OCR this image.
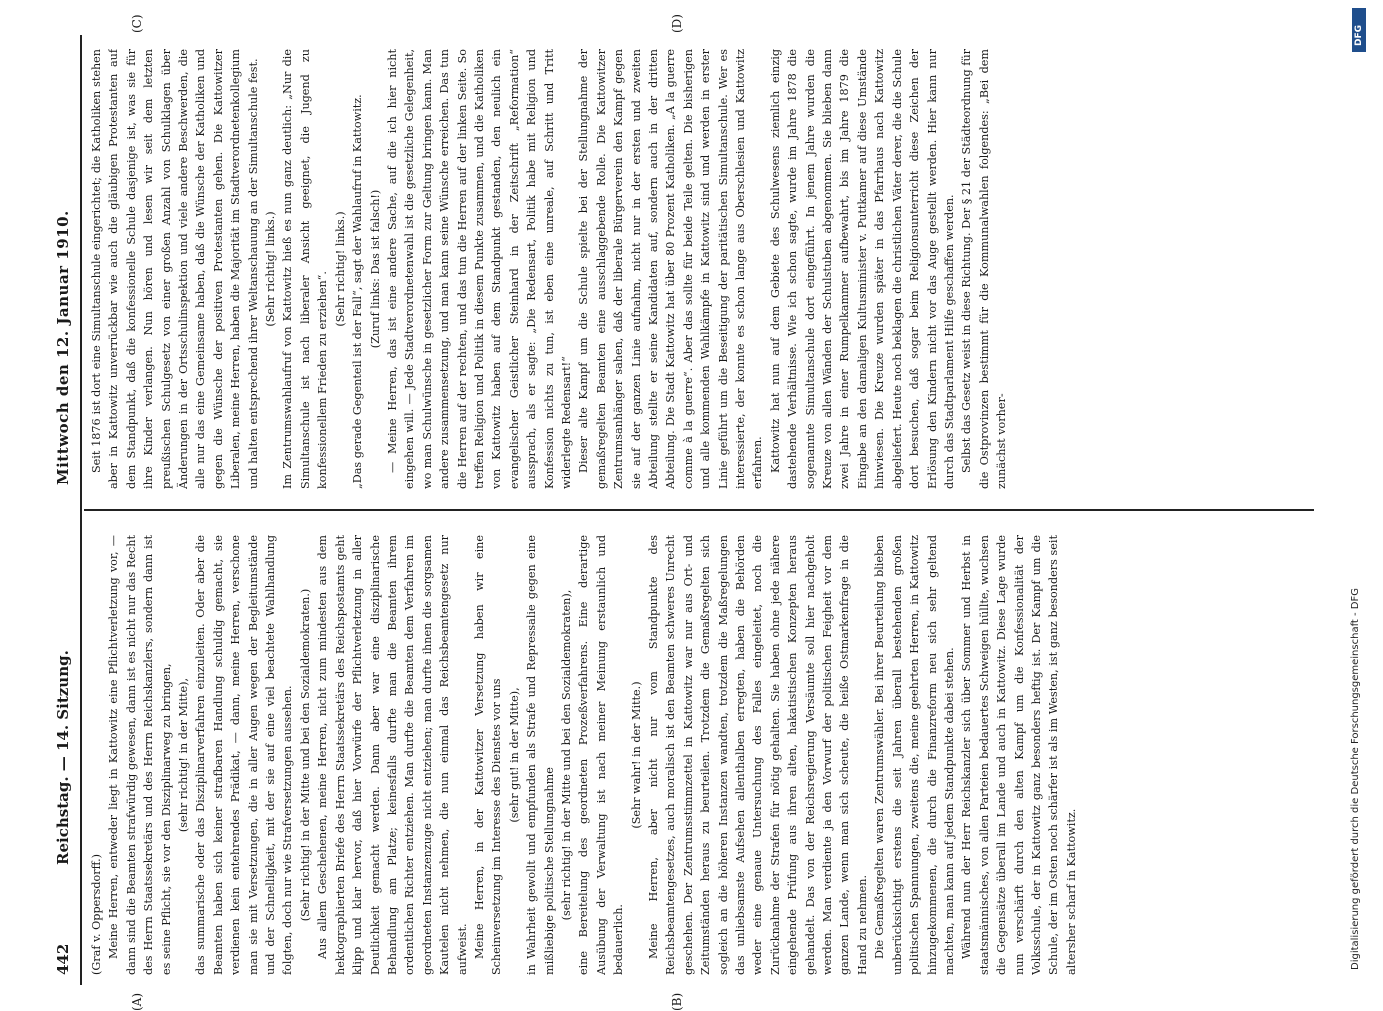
442
Reichstag. — 14. Sitzung.
Mittwoch den 12. Januar 1910.
(A)	(B)
(C)	(D)

(Graf v. Oppersdorff.) Meine Herren, entweder liegt in Kattowitz eine Pflichtverletzung vor, — dann sind die Beamten strafwürdig gewesen, dann ist es nicht nur das Recht des Herrn Staatssekretärs und des Herrn Reichskanzlers, sondern dann ist es seine Pflicht, sie vor den Disziplinarweg zu bringen, (sehr richtig! in der Mitte), das summarische oder das Disziplinarverfahren einzuleiten. Oder aber die Beamten haben sich keiner strafbaren Handlung schuldig gemacht, sie verdienen kein entehrendes Prädikat, — dann, meine Herren, verschone man sie mit Versetzungen, die in aller Augen wegen der Begleitumstände und der Schnelligkeit, mit der sie auf eine viel beachtete Wahlhandlung folgten, doch nur wie Strafversetzungen aussehen. (Sehr richtig! in der Mitte und bei den Sozialdemokraten.) Aus allem Geschehenen, meine Herren, nicht zum mindesten aus dem hektographierten Briefe des Herrn Staatssekretärs des Reichspostamts geht klipp und klar hervor, daß hier Vorwürfe der Pflichtverletzung in aller Deutlichkeit gemacht werden. Dann aber war eine disziplinarische Behandlung am Platze; keinesfalls durfte man die Beamten ihrem ordentlichen Richter entziehen. Man durfte die Beamten dem Verfahren im geordneten Instanzenzuge nicht entziehen; man durfte ihnen die sorgsamen Kautelen nicht nehmen, die nun einmal das Reichsbeamtengesetz nur aufweist. Meine Herren, in der Kattowitzer Versetzung haben wir eine Scheinversetzung im Interesse des Dienstes vor uns (sehr gut! in der Mitte), in Wahrheit gewollt und empfunden als Strafe und Repressalie gegen eine mißliebige politische Stellungnahme (sehr richtig! in der Mitte und bei den Sozialdemokraten), eine Bereitelung des geordneten Prozeßverfahrens. Eine derartige Ausübung der Verwaltung ist nach meiner Meinung erstaunlich und bedauerlich.

(Sehr wahr! in der Mitte.) Meine Herren, aber nicht nur vom Standpunkte des Reichsbeamtengesetzes, auch moralisch ist den Beamten schweres Unrecht geschehen. Der Zentrumsstimmzettel in Kattowitz war nur aus Ort- und Zeitumständen heraus zu beurteilen. Trotzdem die Gemaßregelten sich sogleich an die höheren Instanzen wandten, trotzdem die Maßregelungen das unliebsamste Aufsehen allenthalben erregten, haben die Behörden weder eine genaue Untersuchung des Falles eingeleitet, noch die Zurücknahme der Strafen für nötig gehalten. Sie haben ohne jede nähere eingehende Prüfung aus ihren alten, hakatistischen Konzepten heraus gehandelt. Das von der Reichsregierung Versäumte soll hier nachgeholt werden. Man verdiente ja den Vorwurf der politischen Feigheit vor dem ganzen Lande, wenn man sich scheute, die heiße Ostmarkenfrage in die Hand zu nehmen. Die Gemaßregelten waren Zentrumswähler. Bei ihrer Beurteilung blieben unberücksichtigt erstens die seit Jahren überall bestehenden großen politischen Spannungen, zweitens die, meine geehrten Herren, in Kattowitz hinzugekommenen, die durch die Finanzreform neu sich sehr geltend machten, man kann auf jedem Standpunkte dabei stehen. Während nun der Herr Reichskanzler sich über Sommer und Herbst in staatsmännisches, von allen Parteien bedauertes Schweigen hüllte, wuchsen die Gegensätze überall im Lande und auch in Kattowitz. Diese Lage wurde nun verschärft durch den alten Kampf um die Konfessionalität der Volksschule, der in Kattowitz ganz besonders heftig ist. Der Kampf um die Schule, der im Osten noch schärfer ist als im Westen, ist ganz besonders seit altersher scharf in Kattowitz.

Seit 1876 ist dort eine Simultanschule eingerichtet; die Katholiken stehen aber in Kattowitz unverrückbar wie auch die gläubigen Protestanten auf dem Standpunkt, daß die konfessionelle Schule dasjenige ist, was sie für ihre Kinder verlangen. Nun hören und lesen wir seit dem letzten preußischen Schulgesetz von einer großen Anzahl von Schulklagen über Änderungen in der Ortsschulinspektion und viele andere Beschwerden, die alle nur das eine Gemeinsame haben, daß die Wünsche der Katholiken und gegen die Wünsche der positiven Protestanten gehen. Die Kattowitzer Liberalen, meine Herren, haben die Majorität im Stadtverordnetenkollegium und halten entsprechend ihrer Weltanschauung an der Simultanschule fest. (Sehr richtig! links.) Im Zentrumswahlaufruf von Kattowitz hieß es nun ganz deutlich: „Nur die Simultanschule ist nach liberaler Ansicht geeignet, die Jugend zu konfessionellem Frieden zu erziehen“.

(Sehr richtig! links.) „Das gerade Gegenteil ist der Fall“, sagt der Wahlaufruf in Kattowitz. (Zuruf links: Das ist falsch!) — Meine Herren, das ist eine andere Sache, auf die ich hier nicht eingehen will. — Jede Stadtverordnetenwahl ist die gesetzliche Gelegenheit, wo man Schulwünsche in gesetzlicher Form zur Geltung bringen kann. Man andere zusammensetzung, und man kann seine Wünsche erreichen. Das tun die Herren auf der rechten, und das tun die Herren auf der linken Seite. So treffen Religion und Politik in diesem Punkte zusammen, und die Katholiken von Kattowitz haben auf dem Standpunkt gestanden, den neulich ein evangelischer Geistlicher Steinhard in der Zeitschrift „Reformation“ aussprach, als er sagte: „Die Redensart, Politik habe mit Religion und Konfession nichts zu tun, ist eben eine unreale, auf Schritt und Tritt widerlegte Redensart!“ Dieser alte Kampf um die Schule spielte bei der Stellungnahme der gemaßregelten Beamten eine ausschlaggebende Rolle. Die Kattowitzer Zentrumsanhänger sahen, daß der liberale Bürgerverein den Kampf gegen sie auf der ganzen Linie aufnahm, nicht nur in der ersten und zweiten Abteilung stellte er seine Kandidaten auf, sondern auch in der dritten Abteilung. Die Stadt Kattowitz hat über 80 Prozent Katholiken. „A la guerre comme à la guerre“. Aber das sollte für beide Teile gelten. Die bisherigen und alle kommenden Wahlkämpfe in Kattowitz sind und werden in erster Linie geführt um die Beseitigung der paritätischen Simultanschule. Wer es interessierte, der konnte es schon lange aus Oberschlesien und Kattowitz erfahren. Kattowitz hat nun auf dem Gebiete des Schulwesens ziemlich einzig dastehende Verhältnisse. Wie ich schon sagte, wurde im Jahre 1878 die sogenannte Simultanschule dort eingeführt. In jenem Jahre wurden die Kreuze von allen Wänden der Schulstuben abgenommen. Sie blieben dann zwei Jahre in einer Rumpelkammer aufbewahrt, bis im Jahre 1879 die Eingabe an den damaligen Kultusminister v. Puttkamer auf diese Umstände hinwiesen. Die Kreuze wurden später in das Pfarrhaus nach Kattowitz abgeliefert. Heute noch beklagen die christlichen Väter derer, die die Schule dort besuchen, daß sogar beim Religionsunterricht diese Zeichen der Erlösung den Kindern nicht vor das Auge gestellt werden. Hier kann nur durch das Stadtparlament Hilfe geschaffen werden. Selbst das Gesetz weist in diese Richtung. Der § 21 der Städteordnung für die Ostprovinzen bestimmt für die Kommunalwahlen folgendes: „Bei dem zunächst vorher-

Digitalisierung gefördert durch die Deutsche Forschungsgemeinschaft - DFG
DFG
